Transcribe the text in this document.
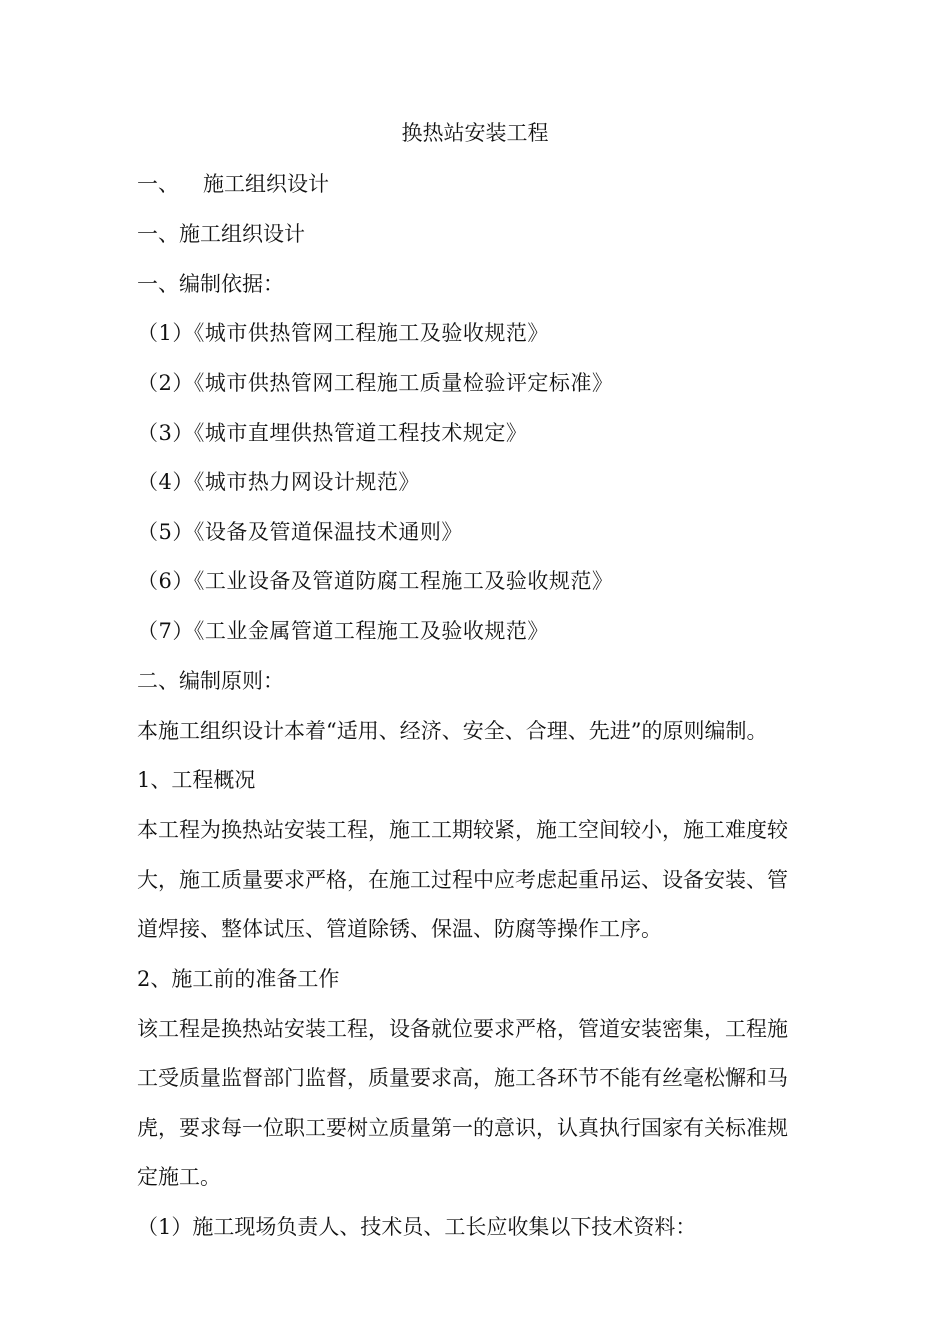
换热站安装工程
一、 施工组织设计
一、施工组织设计
一、编制依据：
（1）《城市供热管网工程施工及验收规范》
（2）《城市供热管网工程施工质量检验评定标准》
（3）《城市直埋供热管道工程技术规定》
（4）《城市热力网设计规范》
（5）《设备及管道保温技术通则》
（6）《工业设备及管道防腐工程施工及验收规范》
（7）《工业金属管道工程施工及验收规范》
二、编制原则：
本施工组织设计本着“适用、经济、安全、合理、先进”的原则编制。
1、工程概况
本工程为换热站安装工程，施工工期较紧，施工空间较小，施工难度较
大，施工质量要求严格，在施工过程中应考虑起重吊运、设备安装、管
道焊接、整体试压、管道除锈、保温、防腐等操作工序。
2、施工前的准备工作
该工程是换热站安装工程，设备就位要求严格，管道安装密集，工程施
工受质量监督部门监督，质量要求高，施工各环节不能有丝毫松懈和马
虎，要求每一位职工要树立质量第一的意识，认真执行国家有关标准规
定施工。
（1）施工现场负责人、技术员、工长应收集以下技术资料：
